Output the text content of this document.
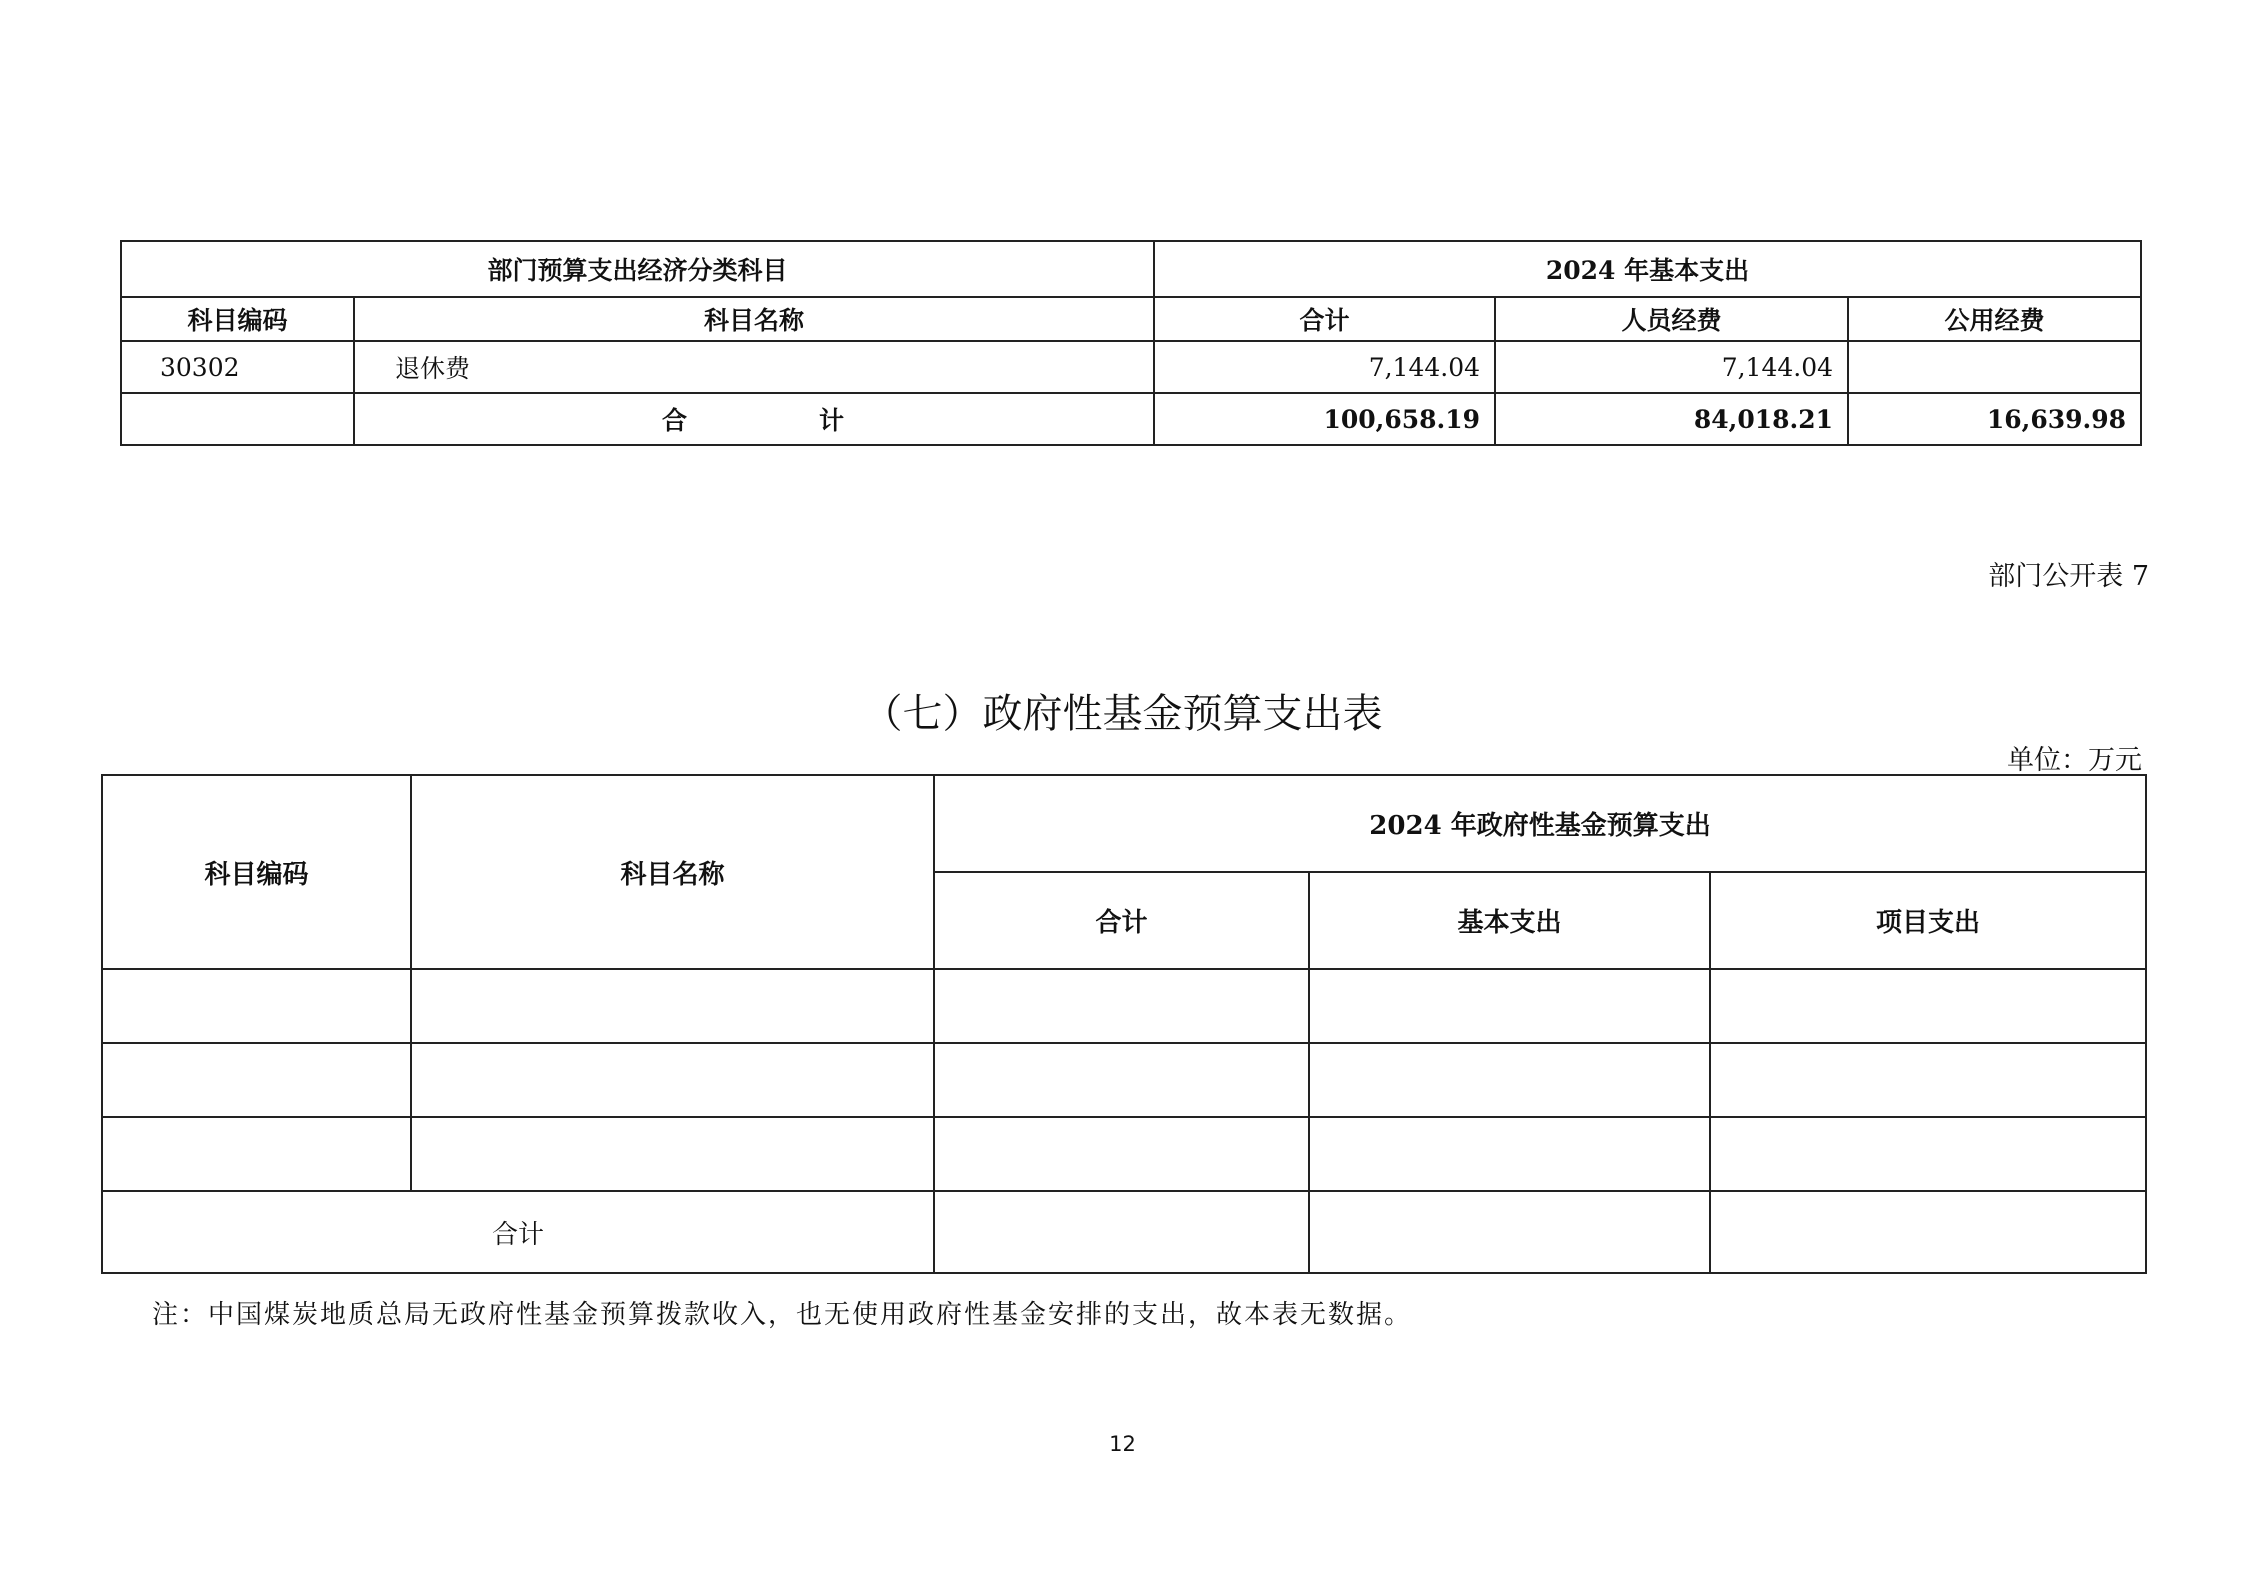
部门预算支出经济分类科目		2024 年基本支出		
科目编码	科目名称	合计	人员经费	公用经费
30302	退休费	7,144.04	7,144.04	
	合 计	100,658.19	84,018.21	16,639.98
部门公开表 7
（七）政府性基金预算支出表
单位：万元
科目编码	科目名称	2024 年政府性基金预算支出		
		合计	基本支出	项目支出

合计				
注：中国煤炭地质总局无政府性基金预算拨款收入，也无使用政府性基金安排的支出，故本表无数据。
12
